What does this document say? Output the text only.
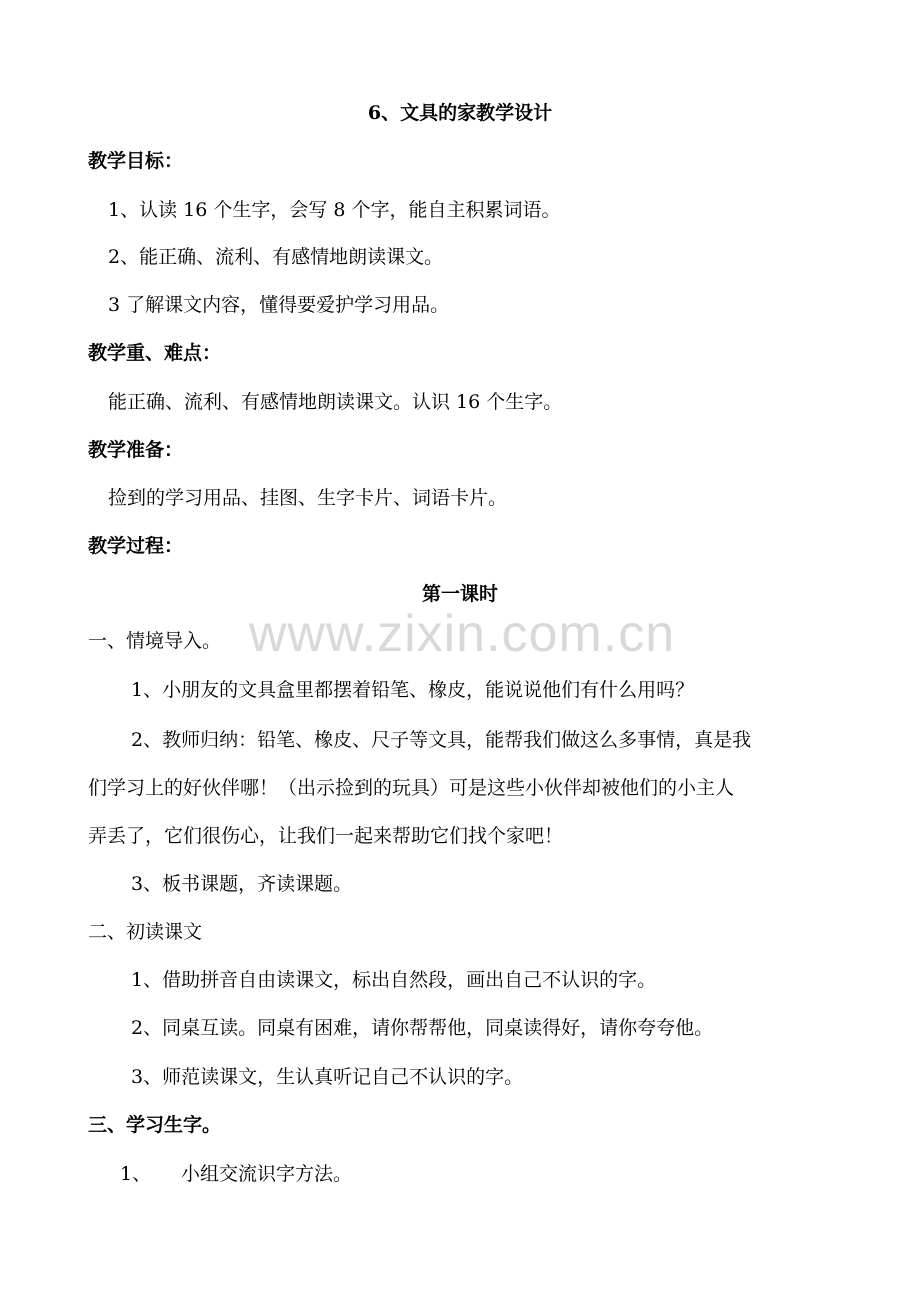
6、文具的家教学设计
教学目标：
1、认读 16 个生字，会写 8 个字，能自主积累词语。
2、能正确、流利、有感情地朗读课文。
3 了解课文内容，懂得要爱护学习用品。
教学重、难点：
能正确、流利、有感情地朗读课文。认识 16 个生字。
教学准备：
捡到的学习用品、挂图、生字卡片、词语卡片。
教学过程：
第一课时
www.zixin.com.cn
一、情境导入。
1、小朋友的文具盒里都摆着铅笔、橡皮，能说说他们有什么用吗？
2、教师归纳：铅笔、橡皮、尺子等文具，能帮我们做这么多事情，真是我
们学习上的好伙伴哪！（出示捡到的玩具）可是这些小伙伴却被他们的小主人
弄丢了，它们很伤心，让我们一起来帮助它们找个家吧！
3、板书课题，齐读课题。
二、初读课文
1、借助拼音自由读课文，标出自然段，画出自己不认识的字。
2、同桌互读。同桌有困难，请你帮帮他，同桌读得好，请你夸夸他。
3、师范读课文，生认真听记自己不认识的字。
三、学习生字。
1、 小组交流识字方法。
